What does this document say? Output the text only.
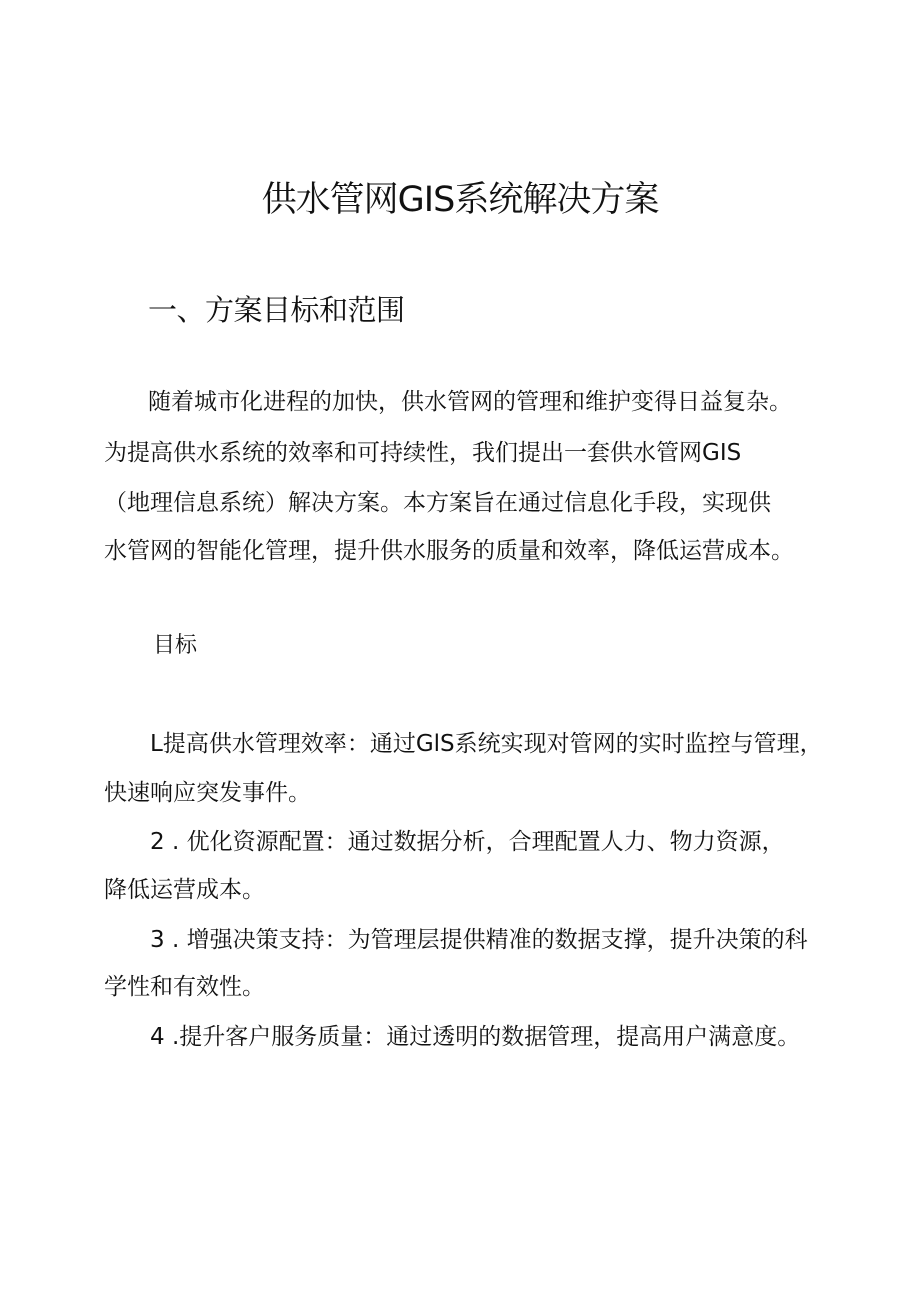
供水管网GIS系统解决方案
一、方案目标和范围
随着城市化进程的加快，供水管网的管理和维护变得日益复杂。
为提高供水系统的效率和可持续性，我们提出一套供水管网GIS
（地理信息系统）解决方案。本方案旨在通过信息化手段，实现供
水管网的智能化管理，提升供水服务的质量和效率，降低运营成本。
目标
L提高供水管理效率：通过GlS系统实现对管网的实时监控与管理，
快速响应突发事件。
2 . 优化资源配置：通过数据分析，合理配置人力、物力资源，
降低运营成本。
3 . 增强决策支持：为管理层提供精准的数据支撑，提升决策的科
学性和有效性。
4 .提升客户服务质量：通过透明的数据管理，提高用户满意度。
